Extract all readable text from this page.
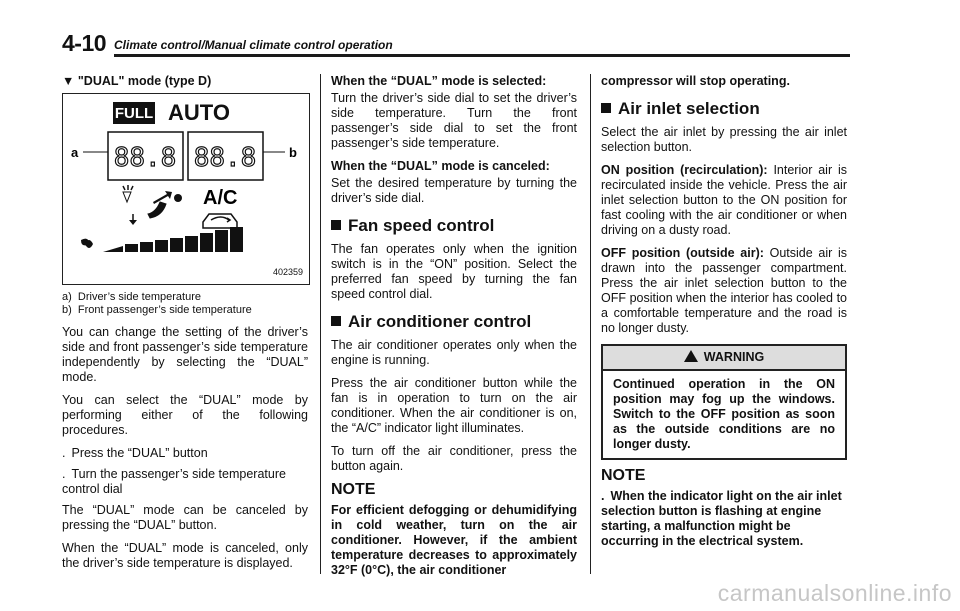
4-10 Climate control/Manual climate control operation
▼ "DUAL" mode (type D)
FULL AUTO
88.8 88.8
a	b
A/C
402359
a)  Driver’s side temperature
b)  Front passenger’s side temperature

You can change the setting of the driver’s side and front passenger’s side temperature independently by selecting the “DUAL” mode.

You can select the “DUAL” mode by performing either of the following procedures.

. Press the “DUAL” button
. Turn the passenger’s side temperature control dial

The “DUAL” mode can be canceled by pressing the “DUAL” button.

When the “DUAL” mode is canceled, only the driver’s side temperature is displayed.

When the “DUAL” mode is selected:

Turn the driver’s side dial to set the driver’s side temperature. Turn the front passenger’s side dial to set the front passenger’s side temperature.

When the “DUAL” mode is canceled:

Set the desired temperature by turning the driver’s side dial.

Fan speed control

The fan operates only when the ignition switch is in the “ON” position. Select the preferred fan speed by turning the fan speed control dial.

Air conditioner control

The air conditioner operates only when the engine is running.

Press the air conditioner button while the fan is in operation to turn on the air conditioner. When the air conditioner is on, the “A/C” indicator light illuminates.

To turn off the air conditioner, press the button again.

NOTE

For efficient defogging or dehumidifying in cold weather, turn on the air conditioner. However, if the ambient temperature decreases to approximately 32°F (0°C), the air conditioner

compressor will stop operating.

Air inlet selection

Select the air inlet by pressing the air inlet selection button.

ON position (recirculation): Interior air is recirculated inside the vehicle. Press the air inlet selection button to the ON position for fast cooling with the air conditioner or when driving on a dusty road.

OFF position (outside air): Outside air is drawn into the passenger compartment. Press the air inlet selection button to the OFF position when the interior has cooled to a comfortable temperature and the road is no longer dusty.

WARNING
Continued operation in the ON position may fog up the windows. Switch to the OFF position as soon as the outside conditions are no longer dusty.
NOTE
. When the indicator light on the air inlet selection button is flashing at engine starting, a malfunction might be occurring in the electrical system.
carmanualsonline.info
